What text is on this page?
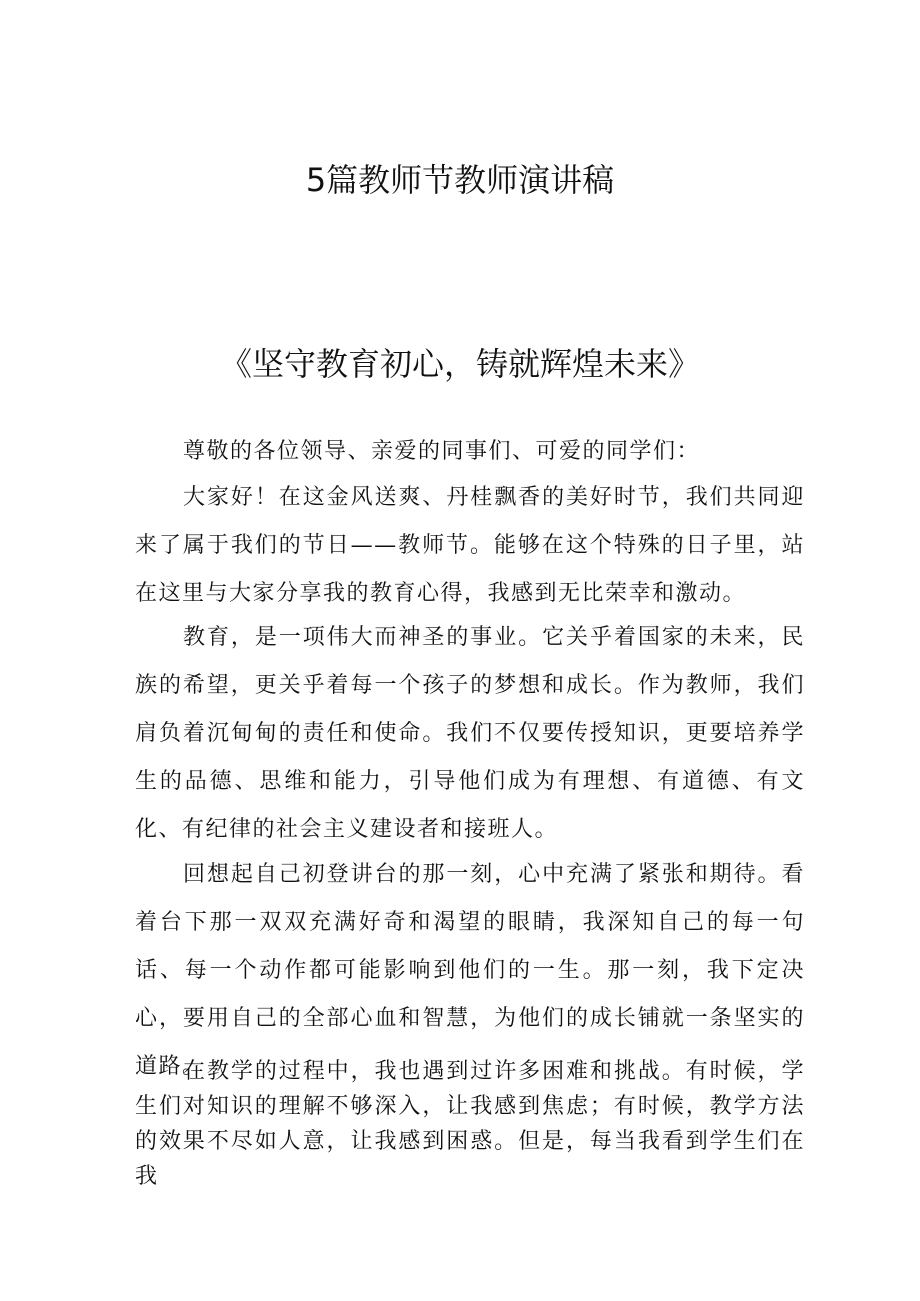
5篇教师节教师演讲稿
《坚守教育初心，铸就辉煌未来》

尊敬的各位领导、亲爱的同事们、可爱的同学们：

大家好！在这金风送爽、丹桂飘香的美好时节，我们共同迎来了属于我们的节日——教师节。能够在这个特殊的日子里，站在这里与大家分享我的教育心得，我感到无比荣幸和激动。

教育，是一项伟大而神圣的事业。它关乎着国家的未来，民族的希望，更关乎着每一个孩子的梦想和成长。作为教师，我们肩负着沉甸甸的责任和使命。我们不仅要传授知识，更要培养学生的品德、思维和能力，引导他们成为有理想、有道德、有文化、有纪律的社会主义建设者和接班人。

回想起自己初登讲台的那一刻，心中充满了紧张和期待。看着台下那一双双充满好奇和渴望的眼睛，我深知自己的每一句话、每一个动作都可能影响到他们的一生。那一刻，我下定决心，要用自己的全部心血和智慧，为他们的成长铺就一条坚实的道路。

在教学的过程中，我也遇到过许多困难和挑战。有时候，学生们对知识的理解不够深入，让我感到焦虑；有时候，教学方法的效果不尽如人意，让我感到困惑。但是，每当我看到学生们在我
